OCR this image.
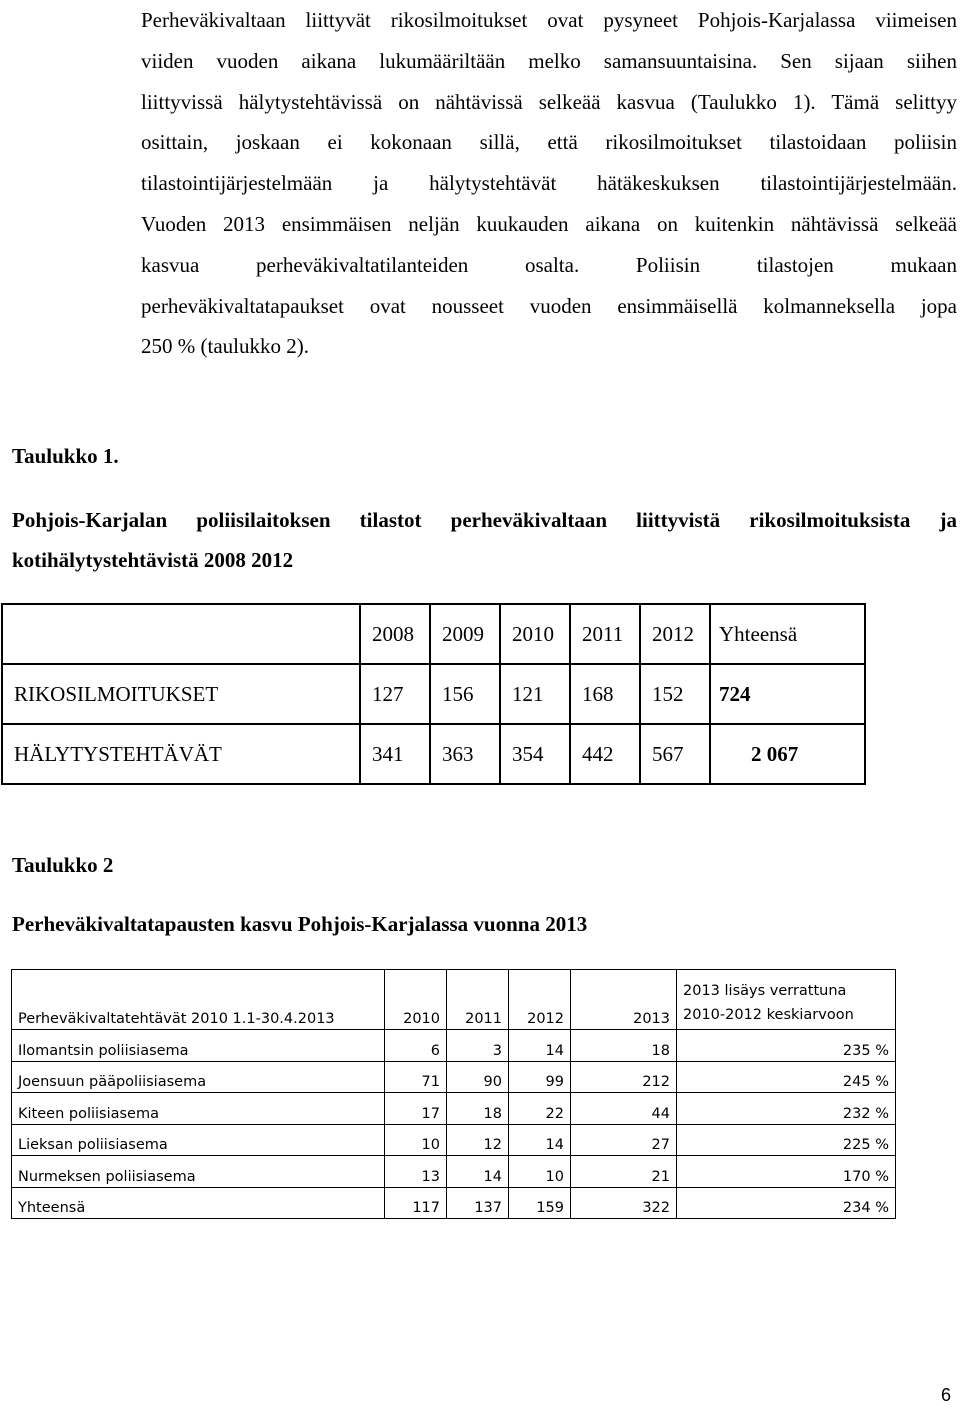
Perheväkivaltaan liittyvät rikosilmoitukset ovat pysyneet Pohjois-Karjalassa viimeisen
viiden vuoden aikana lukumääriltään melko samansuuntaisina. Sen sijaan siihen
liittyvissä hälytystehtävissä on nähtävissä selkeää kasvua (Taulukko 1). Tämä selittyy
osittain, joskaan ei kokonaan sillä, että rikosilmoitukset tilastoidaan poliisin
tilastointijärjestelmään ja hälytystehtävät hätäkeskuksen tilastointijärjestelmään.
Vuoden 2013 ensimmäisen neljän kuukauden aikana on kuitenkin nähtävissä selkeää
kasvua perheväkivaltatilanteiden osalta. Poliisin tilastojen mukaan
perheväkivaltatapaukset ovat nousseet vuoden ensimmäisellä kolmanneksella jopa
250 % (taulukko 2).
Taulukko 1.
Pohjois-Karjalan poliisilaitoksen tilastot perheväkivaltaan liittyvistä rikosilmoituksista ja
kotihälytystehtävistä 2008 2012
	2008	2009	2010	2011	2012	Yhteensä
RIKOSILMOITUKSET	127	156	121	168	152	724
HÄLYTYSTEHTÄVÄT	341	363	354	442	567	2 067
Taulukko 2
Perheväkivaltatapausten kasvu Pohjois-Karjalassa vuonna 2013
Perheväkivaltatehtävät 2010 1.1-30.4.2013	2010	2011	2012	2013	2013 lisäys verrattuna
2010-2012 keskiarvoon

Ilomantsin poliisiasema	6	3	14	18	235 %
Joensuun pääpoliisiasema	71	90	99	212	245 %
Kiteen poliisiasema	17	18	22	44	232 %
Lieksan poliisiasema	10	12	14	27	225 %
Nurmeksen poliisiasema	13	14	10	21	170 %
Yhteensä	117	137	159	322	234 %
6
